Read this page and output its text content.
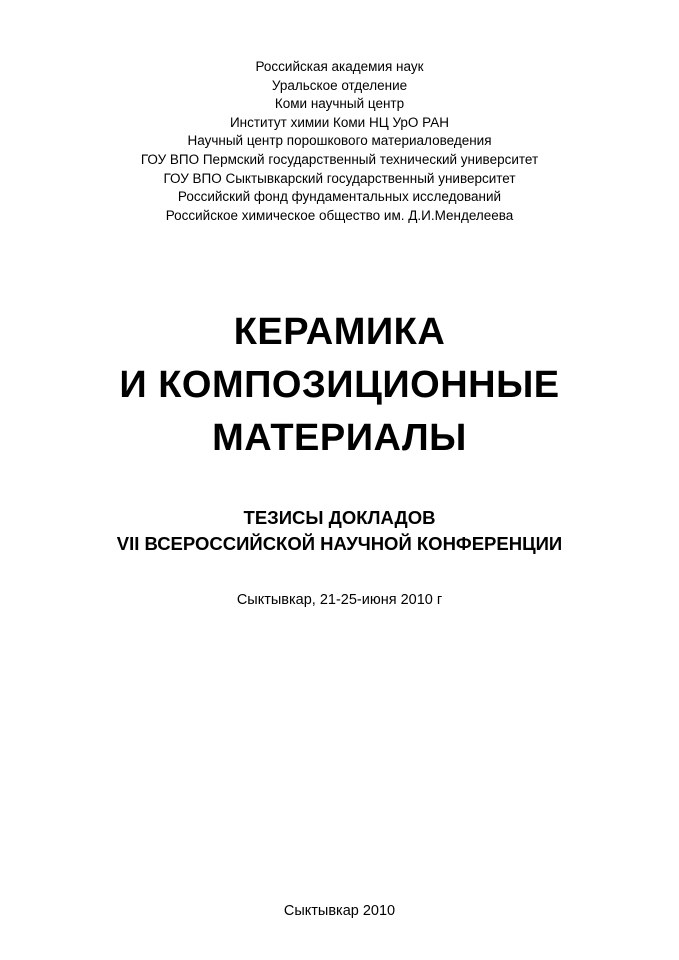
Российская академия наук
Уральское отделение
Коми научный центр
Институт химии Коми НЦ УрО РАН
Научный центр порошкового материаловедения
ГОУ ВПО Пермский государственный технический университет
ГОУ ВПО Сыктывкарский государственный университет
Российский фонд фундаментальных исследований
Российское химическое общество им. Д.И.Менделеева
КЕРАМИКА
И КОМПОЗИЦИОННЫЕ
МАТЕРИАЛЫ
ТЕЗИСЫ ДОКЛАДОВ
VII ВСЕРОССИЙСКОЙ НАУЧНОЙ КОНФЕРЕНЦИИ
Сыктывкар, 21-25-июня 2010 г
Сыктывкар 2010
